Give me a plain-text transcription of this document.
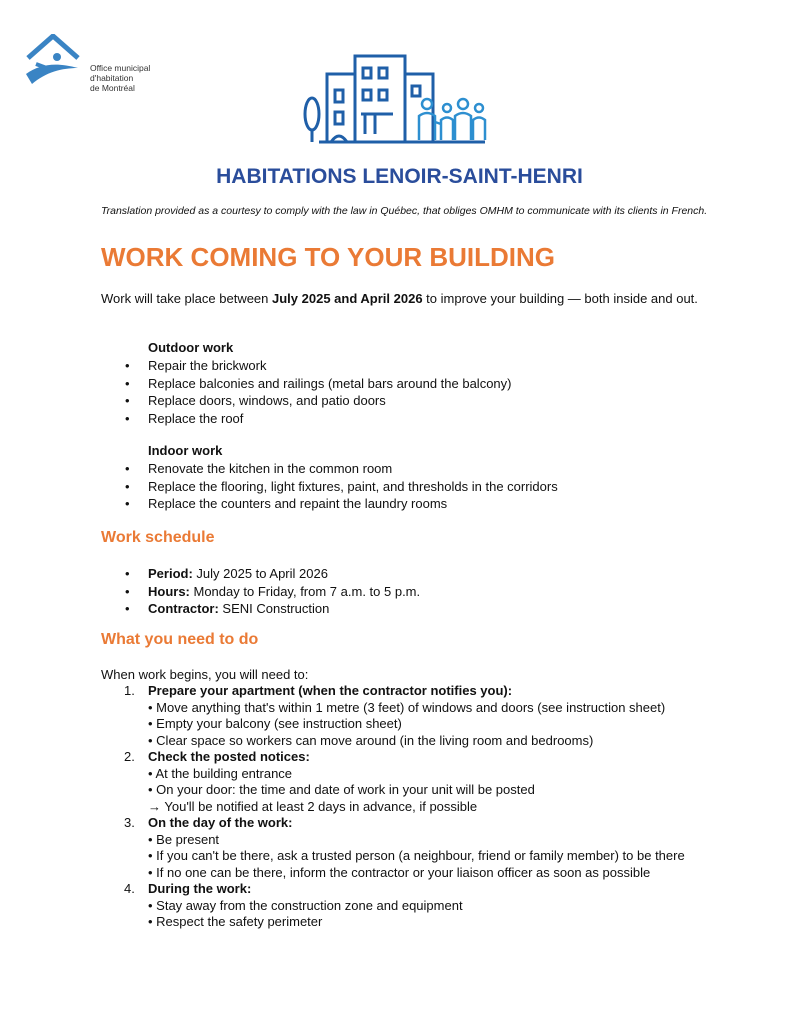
Office municipal
d'habitation
de Montréal
HABITATIONS LENOIR-SAINT-HENRI
Translation provided as a courtesy to comply with the law in Québec, that obliges OMHM to communicate with its clients in French.
WORK COMING TO YOUR BUILDING
Work will take place between July 2025 and April 2026 to improve your building — both inside and out.
Outdoor work
• Repair the brickwork
• Replace balconies and railings (metal bars around the balcony)
• Replace doors, windows, and patio doors
• Replace the roof
Indoor work
• Renovate the kitchen in the common room
• Replace the flooring, light fixtures, paint, and thresholds in the corridors
• Replace the counters and repaint the laundry rooms
Work schedule
• Period: July 2025 to April 2026
• Hours: Monday to Friday, from 7 a.m. to 5 p.m.
• Contractor: SENI Construction
What you need to do
When work begins, you will need to:
1. Prepare your apartment (when the contractor notifies you):
• Move anything that's within 1 metre (3 feet) of windows and doors (see instruction sheet)
• Empty your balcony (see instruction sheet)
• Clear space so workers can move around (in the living room and bedrooms)
2. Check the posted notices:
• At the building entrance
• On your door: the time and date of work in your unit will be posted
→ You'll be notified at least 2 days in advance, if possible
3. On the day of the work:
• Be present
• If you can't be there, ask a trusted person (a neighbour, friend or family member) to be there
• If no one can be there, inform the contractor or your liaison officer as soon as possible
4. During the work:
• Stay away from the construction zone and equipment
• Respect the safety perimeter
